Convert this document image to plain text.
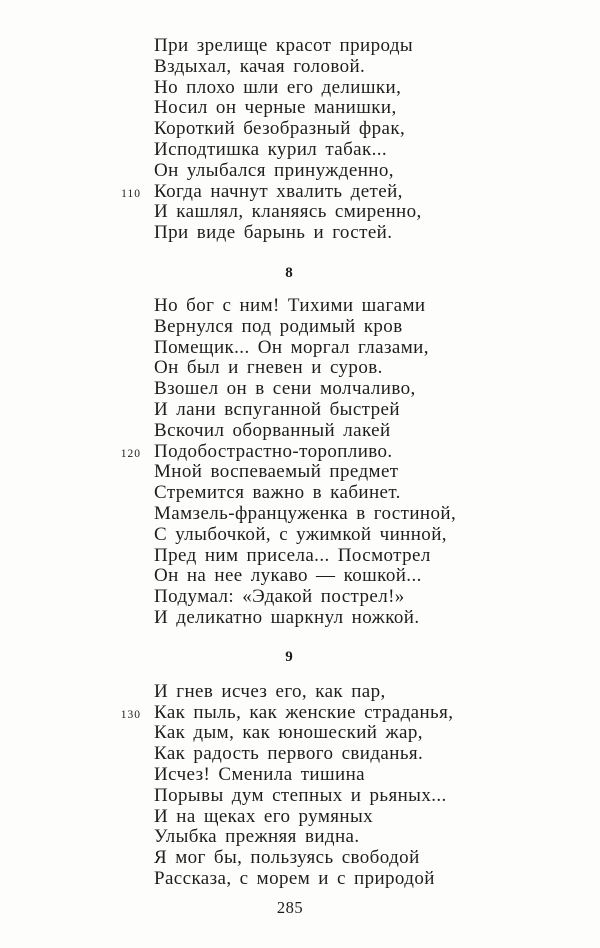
При зрелище красот природы
Вздыхал, качая головой.
Но плохо шли его делишки,
Носил он черные манишки,
Короткий безобразный фрак,
Исподтишка курил табак...
Он улыбался принужденно,
110 Когда начнут хвалить детей,
И кашлял, кланяясь смиренно,
При виде барынь и гостей.
8
Но бог с ним! Тихими шагами
Вернулся под родимый кров
Помещик... Он моргал глазами,
Он был и гневен и суров.
Взошел он в сени молчаливо,
И лани вспуганной быстрей
Вскочил оборванный лакей
120 Подобострастно-торопливо.
Мной воспеваемый предмет
Стремится важно в кабинет.
Мамзель-француженка в гостиной,
С улыбочкой, с ужимкой чинной,
Пред ним присела... Посмотрел
Он на нее лукаво — кошкой...
Подумал: «Эдакой пострел!»
И деликатно шаркнул ножкой.
9
И гнев исчез его, как пар,
130 Как пыль, как женские страданья,
Как дым, как юношеский жар,
Как радость первого свиданья.
Исчез! Сменила тишина
Порывы дум степных и рьяных...
И на щеках его румяных
Улыбка прежняя видна.
Я мог бы, пользуясь свободой
Рассказа, с морем и с природой
285
